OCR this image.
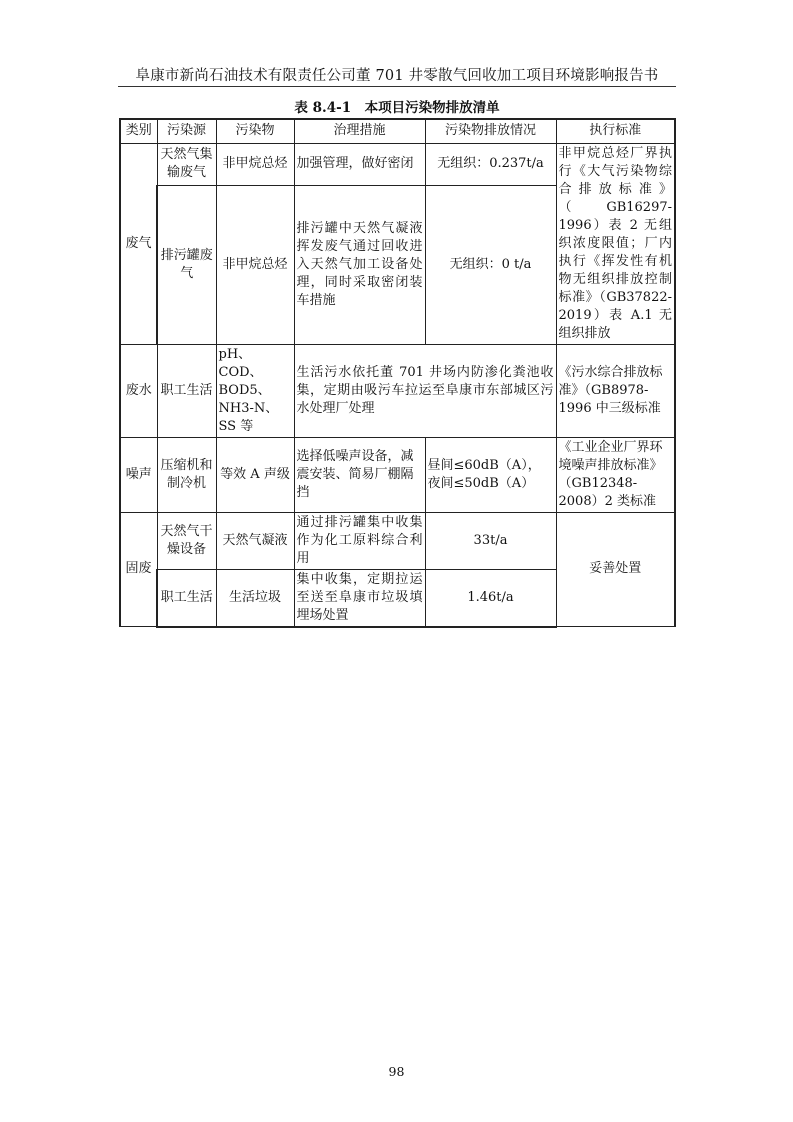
阜康市新尚石油技术有限责任公司董 701 井零散气回收加工项目环境影响报告书
表 8.4-1　本项目污染物排放清单
类别	污染源	污染物	治理措施	污染物排放情况	执行标准
废气	天然气集输废气	非甲烷总烃	加强管理，做好密闭	无组织：0.237t/a	非甲烷总烃厂界执行《大气污染物综合排放标准》（GB16297-1996）表 2 无组织浓度限值；厂内执行《挥发性有机物无组织排放控制标准》（GB37822-2019）表 A.1 无组织排放
	排污罐废气	非甲烷总烃	排污罐中天然气凝液挥发废气通过回收进入天然气加工设备处理，同时采取密闭装车措施	无组织：0 t/a	
废水	职工生活	pH、COD、BOD5、NH3-N、SS 等	生活污水依托董 701 井场内防渗化粪池收集，定期由吸污车拉运至阜康市东部城区污水处理厂处理		《污水综合排放标准》（GB8978-1996 中三级标准
噪声	压缩机和制冷机	等效 A 声级	选择低噪声设备，减震安装、简易厂棚隔挡	昼间≤60dB（A），夜间≤50dB（A）	《工业企业厂界环境噪声排放标准》（GB12348-2008）2 类标准
固废	天然气干燥设备	天然气凝液	通过排污罐集中收集作为化工原料综合利用	33t/a	妥善处置
	职工生活	生活垃圾	集中收集，定期拉运至送至阜康市垃圾填埋场处置	1.46t/a	
98
